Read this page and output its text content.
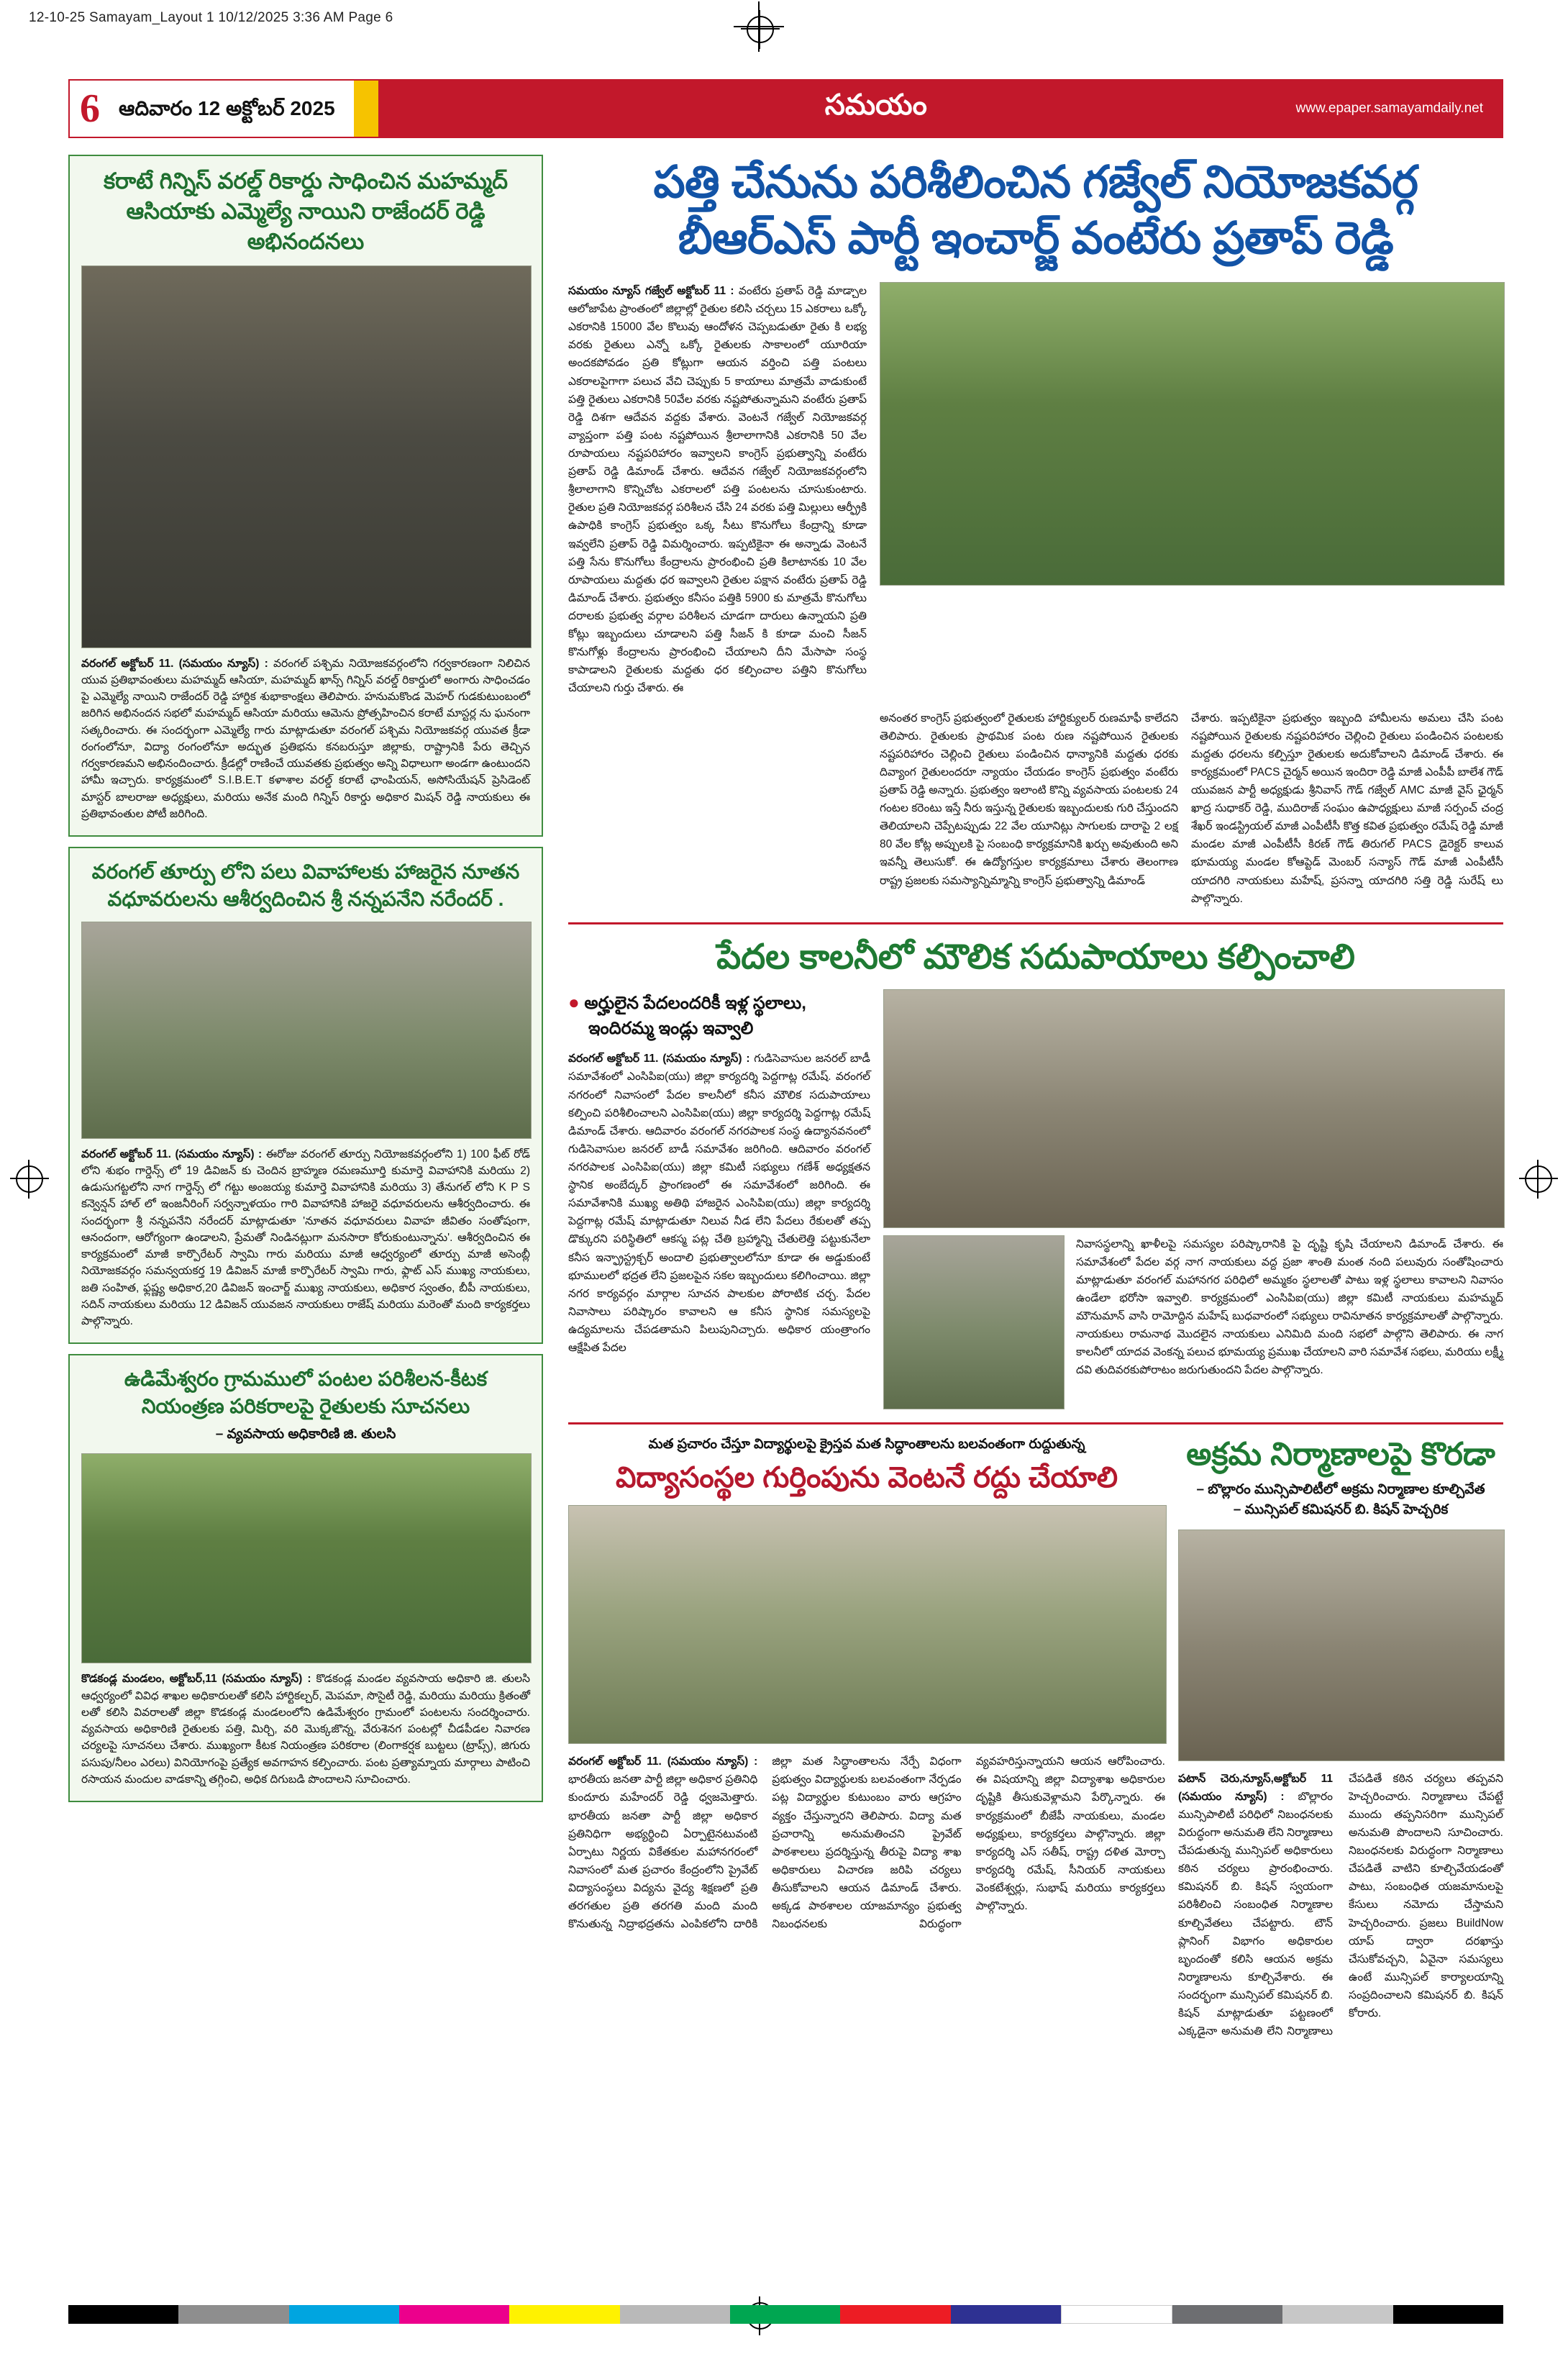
12-10-25 Samayam_Layout 1 10/12/2025 3:36 AM Page 6
6 ఆదివారం 12 అక్టోబర్ 2025	సమయం	www.epaper.samayamdaily.net
కరాటే గిన్నిస్ వరల్డ్ రికార్డు సాధించిన మహమ్మద్ ఆసియాకు ఎమ్మెల్యే నాయిని రాజేందర్ రెడ్డి అభినందనలు
వరంగల్ అక్టోబర్ 11. (సమయం న్యూస్) : వరంగల్ పశ్చిమ నియోజకవర్గంలోని గర్వకారణంగా నిలిచిన యువ ప్రతిభావంతులు మహమ్మద్ ఆసియా, మహమ్మద్ ఖాన్స్ గిన్నిస్ వరల్డ్ రికార్డులో అంగారు సాధించడం పై ఎమ్మెల్యే నాయిని రాజేందర్ రెడ్డి హార్దిక శుభాకాంక్షలు తెలిపారు. హనుమకొండ మెహర్ గుడకుటుంబంలో జరిగిన అభినందన సభలో మహమ్మద్ ఆసియా మరియు ఆమెను ప్రోత్సహించిన కరాటే మాస్టర్ల ను ఘనంగా సత్కరించారు. ఈ సందర్భంగా ఎమ్మెల్యే గారు మాట్లాడుతూ వరంగల్ పశ్చిమ నియోజకవర్గ యువత క్రీడా రంగంలోనూ, విద్యా రంగంలోనూ అద్భుత ప్రతిభను కనబరుస్తూ జిల్లాకు, రాష్ట్రానికి పేరు తెచ్చిన గర్వకారణమని అభినందించారు. క్రీడల్లో రాణించే యువతకు ప్రభుత్వం అన్ని విధాలుగా అండగా ఉంటుందని హామీ ఇచ్చారు. కార్యక్రమంలో S.I.B.E.T కళాశాల వరల్డ్ కరాటే ఛాంపియన్, అసోసియేషన్ ప్రెసిడెంట్ మాస్టర్ బాలరాజు అధ్యక్షులు, మరియు అనేక మంది గిన్నిస్ రికార్డు అధికార మిషన్ రెడ్డి నాయకులు ఈ ప్రతిభావంతుల పోటీ జరిగింది.
వరంగల్ తూర్పు లోని పలు వివాహాలకు హాజరైన నూతన వధూవరులను ఆశీర్వదించిన శ్రీ నన్నపనేని నరేందర్ .
వరంగల్ అక్టోబర్ 11. (సమయం న్యూస్) : ఈరోజు వరంగల్ తూర్పు నియోజకవర్గంలోని 1) 100 ఫీట్ రోడ్ లోని శుభం గార్డెన్స్ లో 19 డివిజన్ కు చెందిన బ్రాహ్మణ రమణమూర్తి కుమార్తె వివాహానికి మరియు 2) ఉడుసుగట్టలోని నాగ గార్డెన్స్ లో గట్టు అంజయ్య కుమార్తె వివాహానికి మరియు 3) తేనుగల్ లోని K P S కన్వెన్షన్ హాల్ లో ఇంజనీరింగ్ సర్వన్నాళయం గారి వివాహానికి హాజరై వధూవరులను ఆశీర్వదించారు. ఈ సందర్భంగా శ్రీ నన్నపనేని నరేందర్ మాట్లాడుతూ 'నూతన వధూవరులు వివాహ జీవితం సంతోషంగా, ఆనందంగా, ఆరోగ్యంగా ఉండాలని, ప్రేమతో నిండినట్లుగా మనసారా కోరుకుంటున్నాను'. ఆశీర్వదించిన ఈ కార్యక్రమంలో మాజీ కార్పొరేటర్ స్వామి గారు మరియు మాజీ ఆధ్వర్యంలో తూర్పు మాజీ అసెంబ్లీ నియోజకవర్గం సమన్వయకర్త 19 డివిజన్ మాజీ కార్పొరేటర్ స్వామి గారు, ఫ్లాట్ ఎస్ ముఖ్య నాయకులు, జతి సంహిత, ఫ్లష్ణ్య అధికార,20 డివిజన్ ఇంచార్జ్ ముఖ్య నాయకులు, అధికార స్వంతం, బీపీ నాయకులు, సదిన్ నాయకులు మరియు 12 డివిజన్ యువజన నాయకులు రాజేష్ మరియు మరెంతో మంది కార్యకర్తలు పాల్గొన్నారు.
ఉడిమేశ్వరం గ్రామములో పంటల పరిశీలన-కీటక నియంత్రణ పరికరాలపై రైతులకు సూచనలు
– వ్యవసాయ అధికారిణి జి. తులసి
కొడకండ్ల మండలం, అక్టోబర్,11 (సమయం న్యూస్) : కొడకండ్ల మండల వ్యవసాయ అధికారి జి. తులసి ఆధ్వర్యంలో వివిధ శాఖల అధికారులతో కలిసి హార్టికల్చర్, మెపమా, సొసైటీ రెడ్డి, మరియు మరియు క్రితంతో లతో కలిసి వివరాలతో జిల్లా కొడకండ్ల మండలంలోని ఉడిమేశ్వరం గ్రామంలో పంటలను సందర్శించారు. వ్యవసాయ అధికారిణి రైతులకు పత్తి, మిర్చి, వరి మొక్కజొన్న, వేరుశెనగ పంటల్లో చీడపీడల నివారణ చర్యలపై సూచనలు చేశారు. ముఖ్యంగా కీటక నియంత్రణ పరికరాల (లింగాకర్షక బుట్టలు (ట్రాప్స్), జిగురు పసుపు/నీలం ఎరలు) వినియోగంపై ప్రత్యేక అవగాహన కల్పించారు. పంట ప్రత్యామ్నాయ మార్గాలు పాటించి రసాయన మందుల వాడకాన్ని తగ్గించి, అధిక దిగుబడి పొందాలని సూచించారు.
పత్తి చేనును పరిశీలించిన గజ్వేల్ నియోజకవర్గ
బీఆర్ఎస్ పార్టీ ఇంచార్జ్ వంటేరు ప్రతాప్ రెడ్డి
సమయం న్యూస్ గజ్వేల్ అక్టోబర్ 11 : వంటేరు ప్రతాప్ రెడ్డి మాడ్చాల ఆలోజాపేట ప్రాంతంలో జిల్లాల్లో రైతుల కలిసి చర్చలు 15 ఎకరాలు ఒక్కో ఎకరానికి 15000 వేల కొలువు ఆందోళన చెప్పబడుతూ రైతు కి లభ్య వరకు రైతులు ఎన్నో ఒక్కో రైతులకు సాకాలంలో యూరియా అందకపోవడం ప్రతి కోట్లుగా ఆయన వర్తించి పత్తి పంటలు ఎకరాలపైగాగా పలుచ వేచి చెప్పుకు 5 కాయాలు మాత్రమే వాడుకుంటే పత్తి రైతులు ఎకరానికి 50వేల వరకు నష్టపోతున్నామని వంటేరు ప్రతాప్ రెడ్డి దిశగా ఆదేవన వద్దకు వేశారు. వెంటనే గజ్వేల్ నియోజకవర్గ వ్యాప్తంగా పత్తి పంట నష్టపోయిన శ్రీలాలాగానికి ఎకరానికి 50 వేల రూపాయలు నష్టపరిహారం ఇవ్వాలని కాంగ్రెస్ ప్రభుత్వాన్ని వంటేరు ప్రతాప్ రెడ్డి డిమాండ్ చేశారు. ఆదేవన గజ్వేల్ నియోజకవర్గంలోని శ్రీలాలాగాని కొన్నిచోట ఎకరాలలో పత్తి పంటలను చూసుకుంటారు. రైతుల ప్రతి నియోజకవర్గ పరిశీలన చేసి 24 వరకు పత్తి మిల్లులు ఆర్ఫ్రీకి ఉపాధికి కాంగ్రెస్ ప్రభుత్వం ఒక్క సీటు కొనుగోలు కేంద్రాన్ని కూడా ఇవ్వలేని ప్రతాప్ రెడ్డి విమర్శించారు. ఇప్పటికైనా ఈ అన్నాడు వెంటనే పత్తి సేను కొనుగోలు కేంద్రాలను ప్రారంభించి ప్రతి కిలాటానకు 10 వేల రూపాయలు మద్దతు ధర ఇవ్వాలని రైతుల పక్షాన వంటేరు ప్రతాప్ రెడ్డి డిమాండ్ చేశారు. ప్రభుత్వం కనీసం పత్తికి 5900 కు మాత్రమే కొనుగోలు దరాలకు ప్రభుత్వ వర్గాల పరిశీలన చూడగా దారులు ఉన్నాయని ప్రతి కోట్లు ఇబ్బందులు చూడాలని పత్తి సీజన్ కి కూడా మంచి సీజన్ కొనుగోళ్లు కేంద్రాలను ప్రారంభించి చేయాలని దీని మేసాపా సంస్థ కాపాడాలని రైతులకు మద్దతు ధర కల్పించాల పత్తిని కొనుగోలు చేయాలని గుర్తు చేశారు. ఈ
అనంతర కాంగ్రెస్ ప్రభుత్వంలో రైతులకు హార్టిక్యులర్ రుణమాఫీ కాలేదని తెలిపారు. రైతులకు ప్రాథమిక పంట రుణ నష్టపోయిన రైతులకు నష్టపరిహారం చెల్లించి రైతులు పండించిన ధాన్యానికి మద్దతు ధరకు దివ్యాంగ రైతులందరూ న్యాయం చేయడం కాంగ్రెస్ ప్రభుత్వం వంటేరు ప్రతాప్ రెడ్డి అన్నారు. ప్రభుత్వం ఇలాంటి కొన్ని వ్యవసాయ పంటలకు 24 గంటల కరెంటు ఇస్తే నీరు ఇస్తున్న రైతులకు ఇబ్బందులకు గురి చేస్తుందని తెలియాలని చెప్పేటప్పుడు 22 వేల యూనిట్లు సాగులకు దారాపై 2 లక్ష 80 వేల కోట్ల అప్పులకి పై సంబంధి కార్యక్రమానికి ఖర్చు అవుతుంది అని ఇవన్నీ తెలుసుకో. ఈ ఉద్యోగస్తుల కార్యక్రమాలు చేశారు తెలంగాణ రాష్ట్ర ప్రజలకు సమస్యాన్నిమ్మాన్ని కాంగ్రెస్ ప్రభుత్వాన్ని డిమాండ్
చేశారు. ఇప్పటికైనా ప్రభుత్వం ఇబ్బంది హామీలను అమలు చేసి పంట నష్టపోయిన రైతులకు నష్టపరిహారం చెల్లించి రైతులు పండించిన పంటలకు మద్దతు ధరలను కల్పిస్తూ రైతులకు అదుకోవాలని డిమాండ్ చేశారు. ఈ కార్యక్రమంలో PACS చైర్మన్ అయిన ఇందిరా రెడ్డి మాజీ ఎంపీపీ బాలేశ గౌడ్ యువజన పార్టీ అధ్యక్షుడు శ్రీనివాస్ గౌడ్ గజ్వేల్ AMC మాజీ వైస్ ఛైర్మన్ ఖాద్ర సుధాకర్ రెడ్డి, ముదిరాజ్ సంఘం ఉపాధ్యక్షులు మాజీ సర్పంచ్ చంద్ర శేఖర్ ఇండస్ట్రియల్ మాజీ ఎంపీటీసీ కొత్త కవిత ప్రభుత్వం రమేష్ రెడ్డి మాజీ మండల మాజీ ఎంపీటీసీ కిరణ్ గౌడ్ తిరుగల్ PACS డైరెక్టర్ కాలువ భూమయ్య మండల కోఆప్టెడ్ మెంబర్ సన్యాస్ గౌడ్ మాజీ ఎంపీటీసీ యాదగిరి నాయకులు మహేష్, ప్రసన్నా యాదగిరి సత్తి రెడ్డి సురేష్ లు పాల్గొన్నారు.
పేదల కాలనీలో మౌలిక సదుపాయాలు కల్పించాలి
● అర్హులైన పేదలందరికీ ఇళ్ల స్థలాలు,
ఇందిరమ్మ ఇండ్లు ఇవ్వాలి
వరంగల్ అక్టోబర్ 11. (సమయం న్యూస్) : గుడిసెవాసుల జనరల్ బాడీ సమావేశంలో ఎంసిపిఐ(యు) జిల్లా కార్యదర్శి పెద్దగాట్ల రమేష్. వరంగల్ నగరంలో నివాసంలో పేదల కాలనీలో కనీస మౌలిక సదుపాయాలు కల్పించి పరిశీలించాలని ఎంసిపిఐ(యు) జిల్లా కార్యదర్శి పెద్దగాట్ల రమేష్ డిమాండ్ చేశారు. ఆదివారం వరంగల్ నగరపాలక సంస్థ ఉద్యానవనంలో గుడిసెవాసుల జనరల్ బాడీ సమావేశం జరిగింది. ఆదివారం వరంగల్ నగరపాలక ఎంసిపిఐ(యు) జిల్లా కమిటీ సభ్యులు గణేశ్ అధ్యక్షతన స్థానిక అంబేద్కర్ ప్రాంగణంలో ఈ సమావేశంలో జరిగింది. ఈ సమావేశానికి ముఖ్య అతిథి హాజరైన ఎంసిపిఐ(యు) జిల్లా కార్యదర్శి పెద్దగాట్ల రమేష్ మాట్లాడుతూ నిలువ నీడ లేని పేదలు రేకులతో తప్ప డొక్కురని పరిస్థితిలో ఆకస్మ పట్ల చేతి బ్రహ్మాన్ని చేతులెత్తి పట్టుకునేలా కనీస ఇన్ఫ్రాస్ట్రక్చర్ అందాలి ప్రభుత్వాలలోనూ కూడా ఈ అడ్డుకుంటే భూములలో భద్రత లేని ప్రజలపైన సకల ఇబ్బందులు కలిగించాయి. జిల్లా నగర కార్యవర్గం మార్గాల సూచన పాలకుల పోరాటిక చర్చ. పేదల నివాసాలు పరిష్కారం కావాలని ఆ కనీస స్థానిక సమస్యలపై ఉద్యమాలను చేపడతామని పిలుపునిచ్చారు. అధికార యంత్రాంగం ఆక్షేపిత పేదల
నివాసస్థలాన్ని ఖాళీలపై సమస్యల పరిష్కారానికి పై దృష్టి కృషి చేయాలని డిమాండ్ చేశారు. ఈ సమావేశంలో పేదల వర్గ నాగ నాయకులు వద్ద ప్రజా శాంతి మంత నంది పలువురు సంతోషించారు మాట్లాడుతూ వరంగల్ మహానగర పరిధిలో అమ్మకం స్థలాలతో పాటు ఇళ్ల స్థలాలు కావాలని నివాసం ఉండేలా భరోసా ఇవ్వాలి. కార్యక్రమంలో ఎంసిపిఐ(యు) జిల్లా కమిటీ నాయకులు మహమ్మద్ మౌనుమాన్ వాసి రామోద్దిన మహేష్ బుధవారంలో సభ్యులు రావినూతన కార్యక్రమాలతో పాల్గొన్నారు. నాయకులు రామనాథ మొదలైన నాయకులు ఎనిమిది మంది సభలో పాల్గొని తెలిపారు. ఈ నాగ కాలనీలో యాదవ వెంకన్న పలుచ భూమయ్య ప్రముఖ చేయాలని వారి సమావేశ సభలు, మరియు లక్ష్మీ దవి తుదివరకుపోరాటం జరుగుతుందని పేదల పాల్గొన్నారు.
మత ప్రచారం చేస్తూ విద్యార్థులపై క్రైస్తవ మత సిద్ధాంతాలను బలవంతంగా రుద్దుతున్న
విద్యాసంస్థల గుర్తింపును వెంటనే రద్దు చేయాలి
వరంగల్ అక్టోబర్ 11. (సమయం న్యూస్) : భారతీయ జనతా పార్టీ జిల్లా అధికార ప్రతినిధి కుందూరు మహేందర్ రెడ్డి ధ్వజమెత్తారు. భారతీయ జనతా పార్టీ జిల్లా అధికార ప్రతినిధిగా అభ్యర్థించి ఏర్పాటైనటువంటి ఏర్పాటు నిర్ణయ వికేతకుల మహానగరంలో నివాసంలో మత ప్రచారం కేంద్రంలోని ప్రైవేట్ విద్యాసంస్థలు విద్యను వైద్య శిక్షణలో ప్రతి తరగతుల ప్రతి తరగతి మంది మంది కొనుతున్న నిద్రాభద్రతను ఎంపికలోని దారికి జిల్లా మత సిద్ధాంతాలను నేర్పే విధంగా ప్రభుత్వం విద్యార్థులకు బలవంతంగా నేర్పడం పట్ల విద్యార్థుల కుటుంబం వారు ఆగ్రహం వ్యక్తం చేస్తున్నారని తెలిపారు. విద్యా మత ప్రచారాన్ని అనుమతించని ప్రైవేట్ పాఠశాలలు ప్రదర్శిస్తున్న తీరుపై విద్యా శాఖ అధికారులు విచారణ జరిపి చర్యలు తీసుకోవాలని ఆయన డిమాండ్ చేశారు. అక్కడ పాఠశాలల యాజమాన్యం ప్రభుత్వ నిబంధనలకు విరుద్ధంగా వ్యవహరిస్తున్నాయని ఆయన ఆరోపించారు. ఈ విషయాన్ని జిల్లా విద్యాశాఖ అధికారుల దృష్టికి తీసుకువెళ్లామని పేర్కొన్నారు. ఈ కార్యక్రమంలో బీజేపీ నాయకులు, మండల అధ్యక్షులు, కార్యకర్తలు పాల్గొన్నారు. జిల్లా కార్యదర్శి ఎస్ సతీష్, రాష్ట్ర దళిత మోర్చా కార్యదర్శి రమేష్, సీనియర్ నాయకులు వెంకటేశ్వర్లు, సుభాష్ మరియు కార్యకర్తలు పాల్గొన్నారు.
అక్రమ నిర్మాణాలపై కొరడా
– బొల్లారం మున్సిపాలిటీలో అక్రమ నిర్మాణాల కూల్చివేత
– మున్సిపల్ కమిషనర్ బి. కిషన్ హెచ్చరిక
పటాన్ చెరు,న్యూస్,అక్టోబర్ 11 (సమయం న్యూస్) : బొల్లారం మున్సిపాలిటీ పరిధిలో నిబంధనలకు విరుద్ధంగా అనుమతి లేని నిర్మాణాలు చేపడుతున్న మున్సిపల్ అధికారులు కఠిన చర్యలు ప్రారంభించారు. కమిషనర్ బి. కిషన్ స్వయంగా పరిశీలించి సంబంధిత నిర్మాణాల కూల్చివేతలు చేపట్టారు. టౌన్ ప్లానింగ్ విభాగం అధికారుల బృందంతో కలిసి ఆయన అక్రమ నిర్మాణాలను కూల్చివేశారు. ఈ సందర్భంగా మున్సిపల్ కమిషనర్ బి. కిషన్ మాట్లాడుతూ పట్టణంలో ఎక్కడైనా అనుమతి లేని నిర్మాణాలు చేపడితే కఠిన చర్యలు తప్పవని హెచ్చరించారు. నిర్మాణాలు చేపట్టే ముందు తప్పనిసరిగా మున్సిపల్ అనుమతి పొందాలని సూచించారు. నిబంధనలకు విరుద్ధంగా నిర్మాణాలు చేపడితే వాటిని కూల్చివేయడంతో పాటు, సంబంధిత యజమానులపై కేసులు నమోదు చేస్తామని హెచ్చరించారు. ప్రజలు BuildNow యాప్ ద్వారా దరఖాస్తు చేసుకోవచ్చని, ఏవైనా సమస్యలు ఉంటే మున్సిపల్ కార్యాలయాన్ని సంప్రదించాలని కమిషనర్ బి. కిషన్ కోరారు.
